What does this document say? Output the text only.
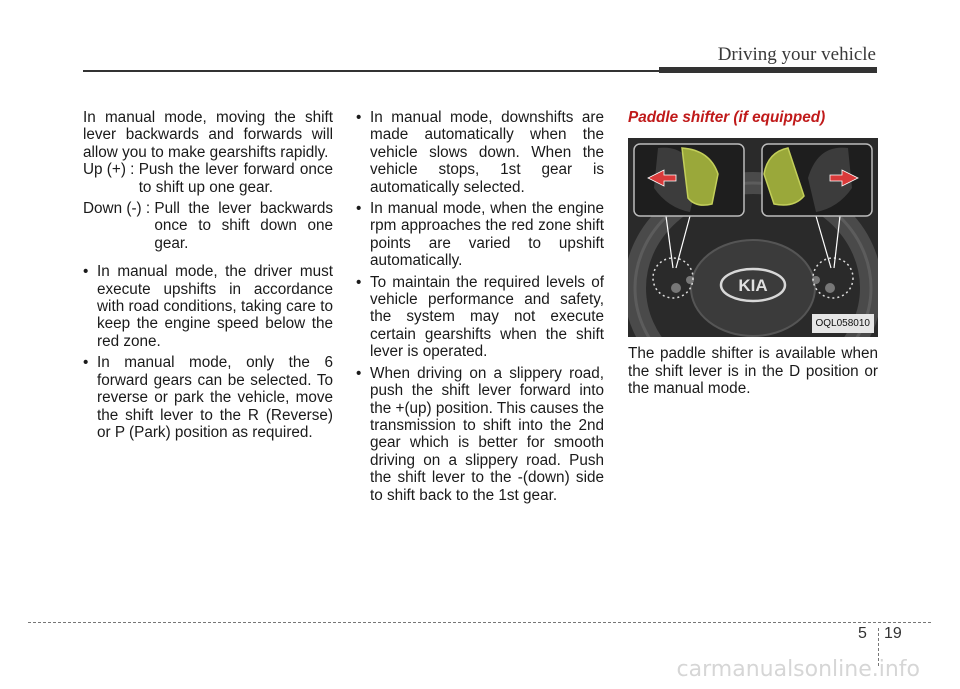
Driving your vehicle

In manual mode, moving the shift lever backwards and forwards will allow you to make gearshifts rapidly.

Up (+) : Push the lever forward once to shift up one gear.
Down (-) : Pull the lever backwards once to shift down one gear.
• In manual mode, the driver must execute upshifts in accordance with road conditions, taking care to keep the engine speed below the red zone.
• In manual mode, only the 6 forward gears can be selected. To reverse or park the vehicle, move the shift lever to the R (Reverse) or P (Park) position as required.
• In manual mode, downshifts are made automatically when the vehicle slows down. When the vehicle stops, 1st gear is automatically selected.
• In manual mode, when the engine rpm approaches the red zone shift points are varied to upshift automatically.
• To maintain the required levels of vehicle performance and safety, the system may not execute certain gearshifts when the shift lever is operated.
• When driving on a slippery road, push the shift lever forward into the +(up) position. This causes the transmission to shift into the 2nd gear which is better for smooth driving on a slippery road. Push the shift lever to the -(down) side to shift back to the 1st gear.
Paddle shifter (if equipped)
KIA
OQL058010

The paddle shifter is available when the shift lever is in the D position or the manual mode.

5 19
carmanualsonline.info
